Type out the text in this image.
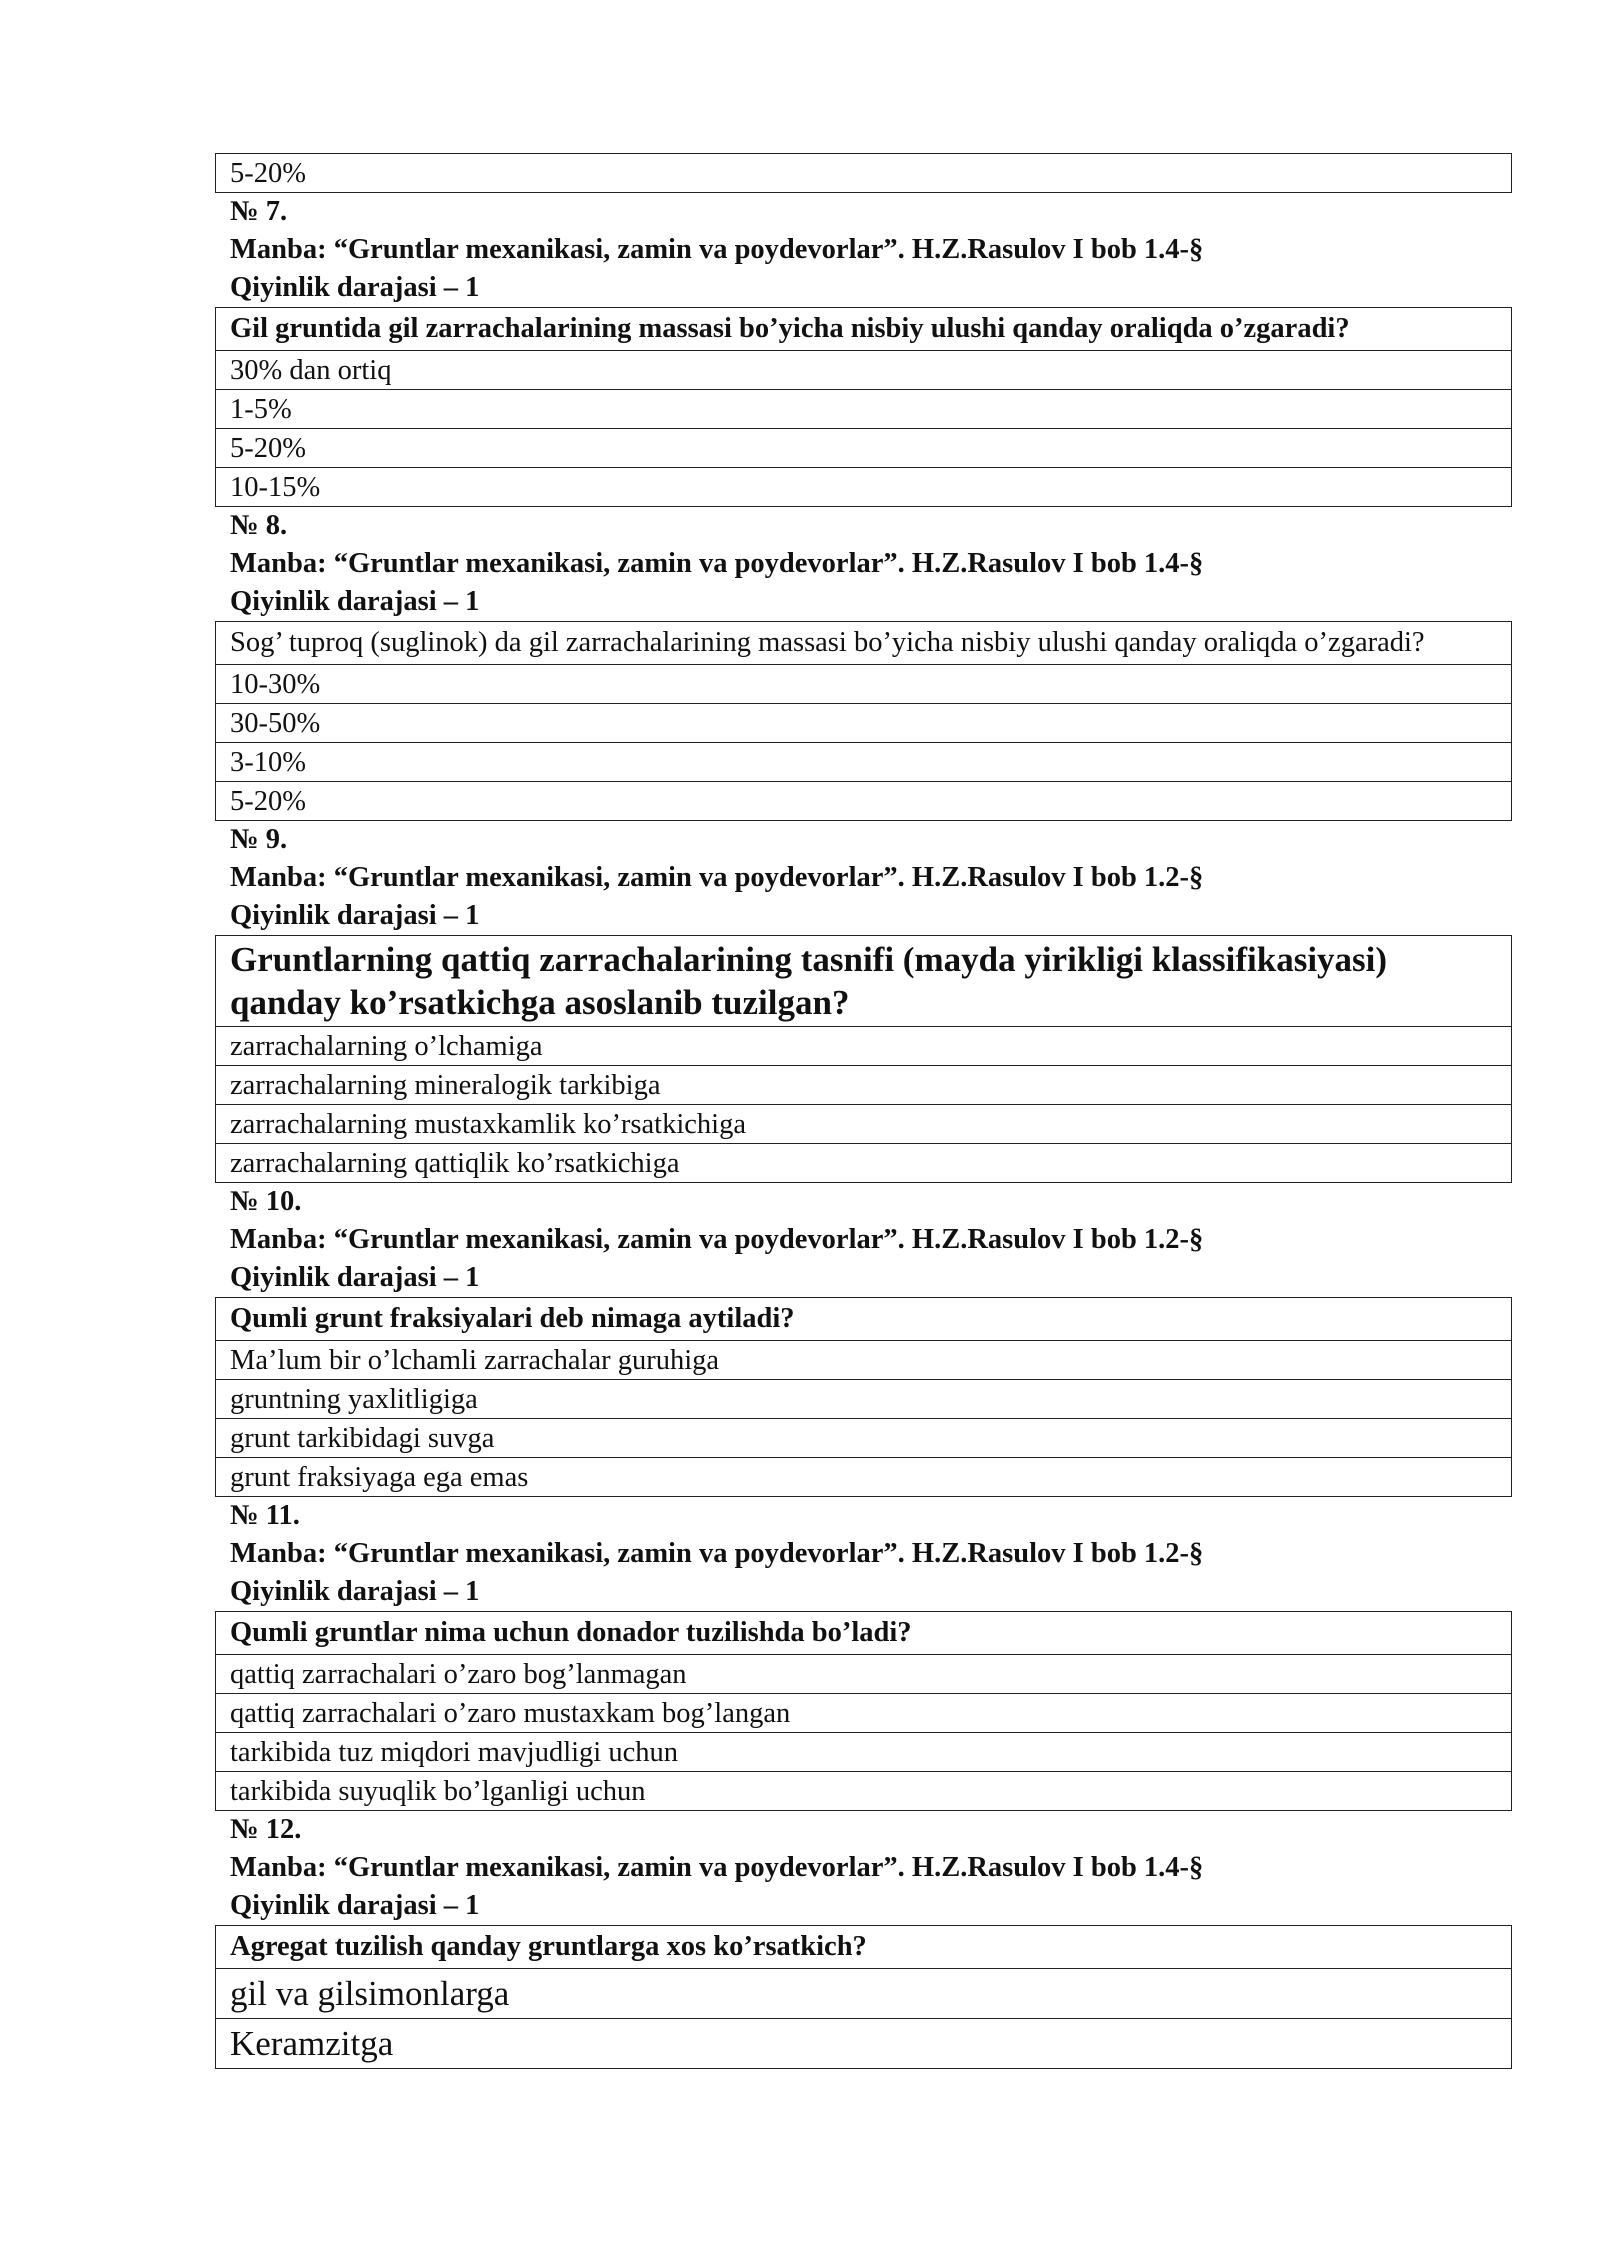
5-20%
№ 7.
Manba: “Gruntlar mexanikasi, zamin va poydevorlar”. H.Z.Rasulov I bob 1.4-§
Qiyinlik darajasi – 1
Gil gruntida gil zarrachalarining massasi bo’yicha nisbiy ulushi qanday oraliqda o’zgaradi?
30% dan ortiq
1-5%
5-20%
10-15%
№ 8.
Manba: “Gruntlar mexanikasi, zamin va poydevorlar”. H.Z.Rasulov I bob 1.4-§
Qiyinlik darajasi – 1
Sog’ tuproq (suglinok) da gil zarrachalarining massasi bo’yicha nisbiy ulushi qanday oraliqda o’zgaradi?
10-30%
30-50%
3-10%
5-20%
№ 9.
Manba: “Gruntlar mexanikasi, zamin va poydevorlar”. H.Z.Rasulov I bob 1.2-§
Qiyinlik darajasi – 1
Gruntlarning qattiq zarrachalarining tasnifi (mayda yirikligi klassifikasiyasi) qanday ko’rsatkichga asoslanib tuzilgan?
zarrachalarning o’lchamiga
zarrachalarning mineralogik tarkibiga
zarrachalarning mustaxkamlik ko’rsatkichiga
zarrachalarning qattiqlik ko’rsatkichiga
№ 10.
Manba: “Gruntlar mexanikasi, zamin va poydevorlar”. H.Z.Rasulov I bob 1.2-§
Qiyinlik darajasi – 1
Qumli grunt fraksiyalari deb nimaga aytiladi?
Ma’lum bir o’lchamli zarrachalar guruhiga
gruntning yaxlitligiga
grunt tarkibidagi suvga
grunt fraksiyaga ega emas
№ 11.
Manba: “Gruntlar mexanikasi, zamin va poydevorlar”. H.Z.Rasulov I bob 1.2-§
Qiyinlik darajasi – 1
Qumli gruntlar nima uchun donador tuzilishda bo’ladi?
qattiq zarrachalari o’zaro bog’lanmagan
qattiq zarrachalari o’zaro mustaxkam bog’langan
tarkibida tuz miqdori mavjudligi uchun
tarkibida suyuqlik bo’lganligi uchun
№ 12.
Manba: “Gruntlar mexanikasi, zamin va poydevorlar”. H.Z.Rasulov I bob 1.4-§
Qiyinlik darajasi – 1
Agregat tuzilish qanday gruntlarga xos ko’rsatkich?
gil va gilsimonlarga
Keramzitga
